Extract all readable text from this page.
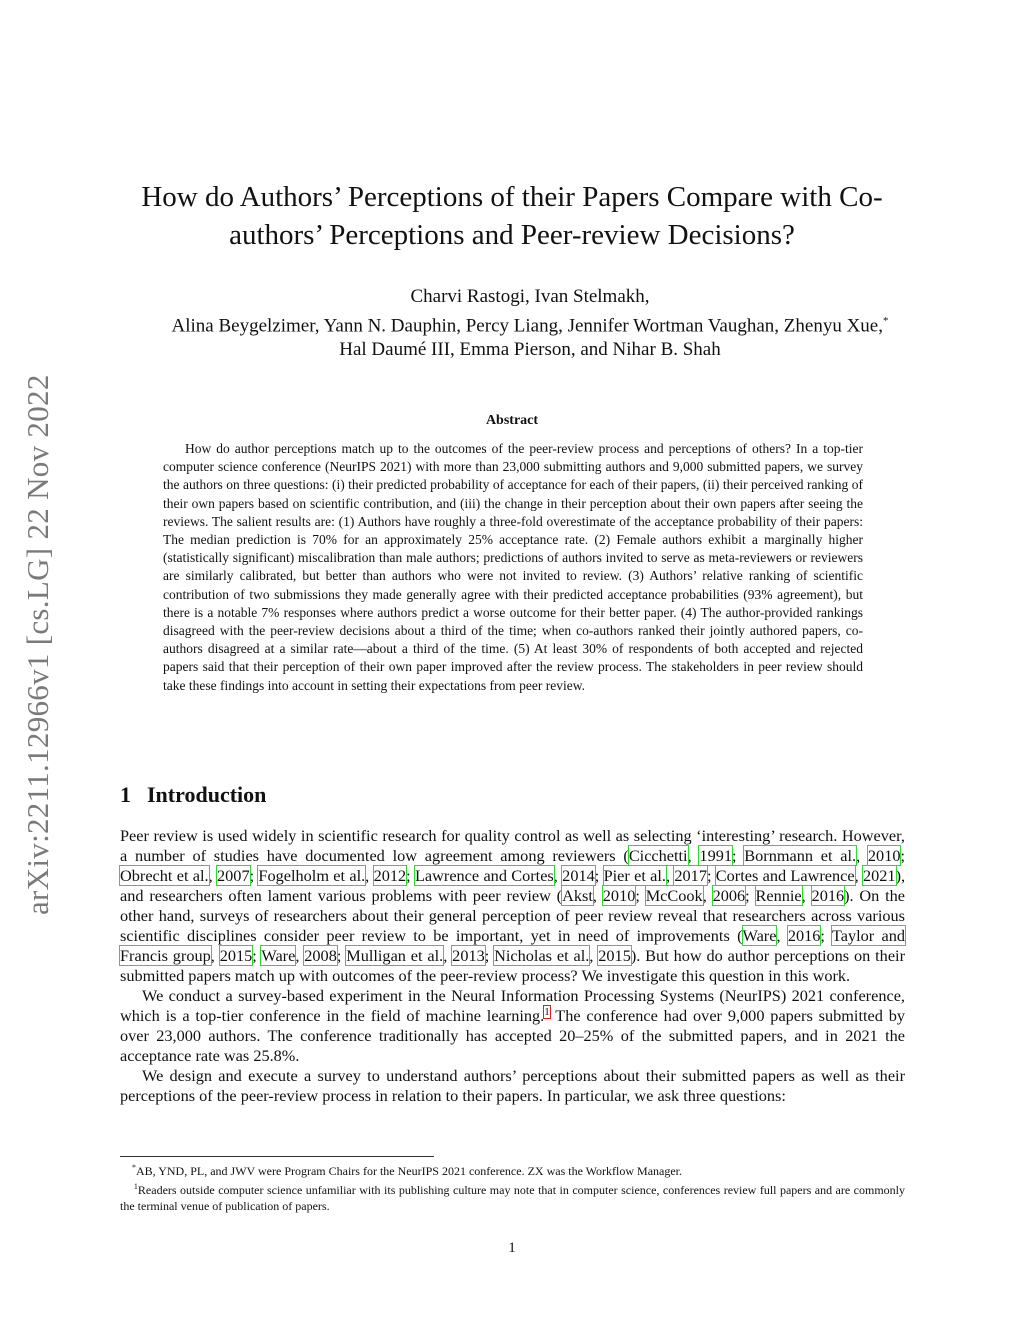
arXiv:2211.12966v1 [cs.LG] 22 Nov 2022
How do Authors’ Perceptions of their Papers Compare with Co-authors’ Perceptions and Peer-review Decisions?
Charvi Rastogi, Ivan Stelmakh,
Alina Beygelzimer, Yann N. Dauphin, Percy Liang, Jennifer Wortman Vaughan, Zhenyu Xue,*
Hal Daumé III, Emma Pierson, and Nihar B. Shah
Abstract

How do author perceptions match up to the outcomes of the peer-review process and perceptions of others? In a top-tier computer science conference (NeurIPS 2021) with more than 23,000 submitting authors and 9,000 submitted papers, we survey the authors on three questions: (i) their predicted probability of acceptance for each of their papers, (ii) their perceived ranking of their own papers based on scientific contribution, and (iii) the change in their perception about their own papers after seeing the reviews. The salient results are: (1) Authors have roughly a three-fold overestimate of the acceptance probability of their papers: The median prediction is 70% for an approximately 25% acceptance rate. (2) Female authors exhibit a marginally higher (statistically significant) miscalibration than male authors; predictions of authors invited to serve as meta-reviewers or reviewers are similarly calibrated, but better than authors who were not invited to review. (3) Authors’ relative ranking of scientific contribution of two submissions they made generally agree with their predicted acceptance probabilities (93% agreement), but there is a notable 7% responses where authors predict a worse outcome for their better paper. (4) The author-provided rankings disagreed with the peer-review decisions about a third of the time; when co-authors ranked their jointly authored papers, co-authors disagreed at a similar rate—about a third of the time. (5) At least 30% of respondents of both accepted and rejected papers said that their perception of their own paper improved after the review process. The stakeholders in peer review should take these findings into account in setting their expectations from peer review.

1 Introduction

Peer review is used widely in scientific research for quality control as well as selecting ‘interesting’ research. However, a number of studies have documented low agreement among reviewers (Cicchetti, 1991; Bornmann et al., 2010; Obrecht et al., 2007; Fogelholm et al., 2012; Lawrence and Cortes, 2014; Pier et al., 2017; Cortes and Lawrence, 2021), and researchers often lament various problems with peer review (Akst, 2010; McCook, 2006; Rennie, 2016). On the other hand, surveys of researchers about their general perception of peer review reveal that researchers across various scientific disciplines consider peer review to be important, yet in need of improvements (Ware, 2016; Taylor and Francis group, 2015; Ware, 2008; Mulligan et al., 2013; Nicholas et al., 2015). But how do author perceptions on their submitted papers match up with outcomes of the peer-review process? We investigate this question in this work.

We conduct a survey-based experiment in the Neural Information Processing Systems (NeurIPS) 2021 conference, which is a top-tier conference in the field of machine learning.$^1$ The conference had over 9,000 papers submitted by over 23,000 authors. The conference traditionally has accepted 20–25% of the submitted papers, and in 2021 the acceptance rate was 25.8%.

We design and execute a survey to understand authors’ perceptions about their submitted papers as well as their perceptions of the peer-review process in relation to their papers. In particular, we ask three questions:

*AB, YND, PL, and JWV were Program Chairs for the NeurIPS 2021 conference. ZX was the Workflow Manager.

$^1$Readers outside computer science unfamiliar with its publishing culture may note that in computer science, conferences review full papers and are commonly the terminal venue of publication of papers.

1
